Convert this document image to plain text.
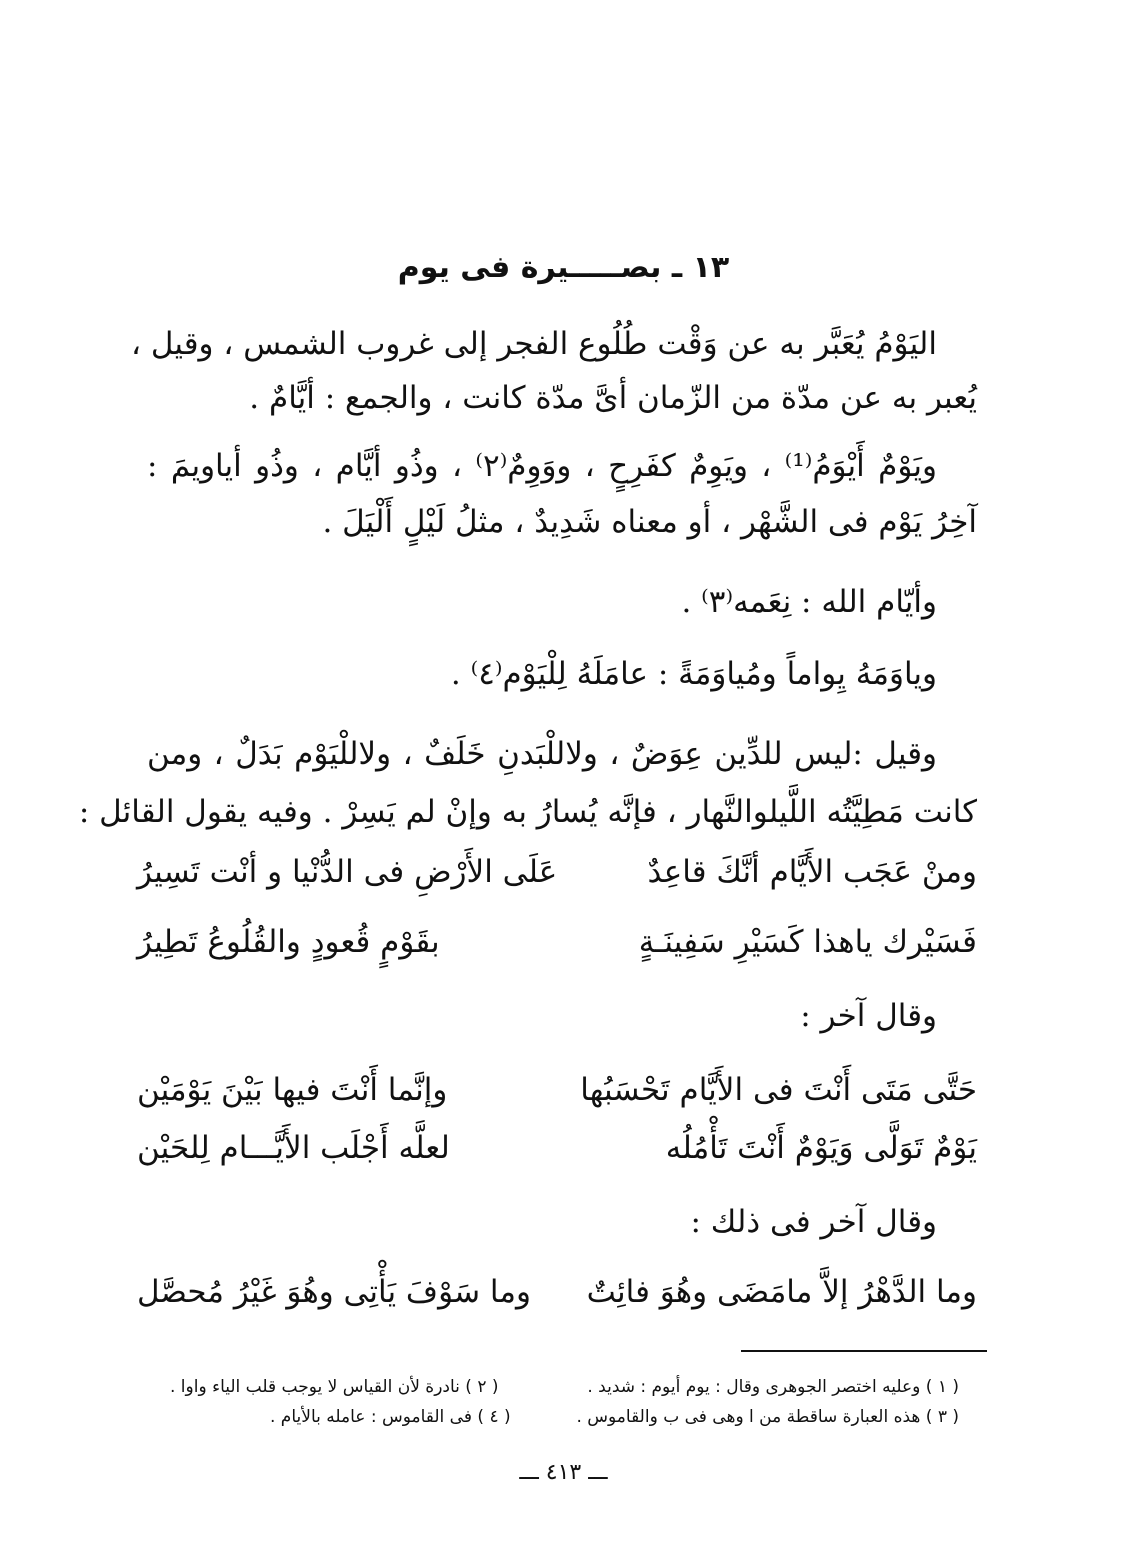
١٣ ـ بصـــــيرة فى يوم
اليَوْمُ يُعَبَّر به عن وَقْت طُلُوع الفجر إلى غروب الشمس ، وقيل ،
يُعبر به عن مدّة من الزّمان أىَّ مدّة كانت ، والجمع : أيَّامٌ .
ويَوْمٌ أَيْوَمُ⁽¹⁾ ، ويَوِمٌ كفَرِحٍ ، ووَوِمٌ⁽٢⁾ ، وذُو أيَّام ، وذُو أياويمَ :
آخِرُ يَوْم فى الشَّهْر ، أو معناه شَدِيدٌ ، مثلُ لَيْلٍ أَلْيَلَ .
وأيّام الله : نِعَمه⁽٣⁾ .
وياوَمَهُ يِواماً ومُياوَمَةً : عامَلَهُ لِلْيَوْم⁽٤⁾ .
وقيل :ليس للدِّين عِوَضٌ ، ولاللْبَدنِ خَلَفٌ ، ولاللْيَوْم بَدَلٌ ، ومن
كانت مَطِيَّتُه اللَّيلوالنَّهار ، فإنَّه يُسارُ به وإنْ لم يَسِرْ . وفيه يقول القائل :
ومنْ عَجَب الأَيَّام أنَّكَ قاعِدٌ
عَلَى الأَرْضِ فى الدُّنْيا و أنْت تَسِيرُ
فَسَيْرك ياهذا كَسَيْرِ سَفِينَـةٍ
بقَوْمٍ قُعودٍ والقُلُوعُ تَطِيرُ
وقال آخر :
حَتَّى مَتَى أَنْتَ فى الأَيَّام تَحْسَبُها
وإنَّما أَنْتَ فيها بَيْنَ يَوْمَيْن
يَوْمٌ تَوَلَّى وَيَوْمٌ أَنْتَ تَأْمُلُه
لعلَّه أَجْلَب الأَيَّـــام لِلحَيْن
وقال آخر فى ذلك :
وما الدَّهْرُ إلاَّ مامَضَى وهُوَ فائِتٌ
وما سَوْفَ يَأْتِى وهُوَ غَيْرُ مُحصَّل
( ١ ) وعليه اختصر الجوهرى وقال : يوم أيوم : شديد .
( ٢ ) نادرة لأن القياس لا يوجب قلب الياء واوا .
( ٣ ) هذه العبارة ساقطة من ا وهى فى ب والقاموس .
( ٤ ) فى القاموس : عامله بالأيام .
ـــ ٤١٣ ـــ
